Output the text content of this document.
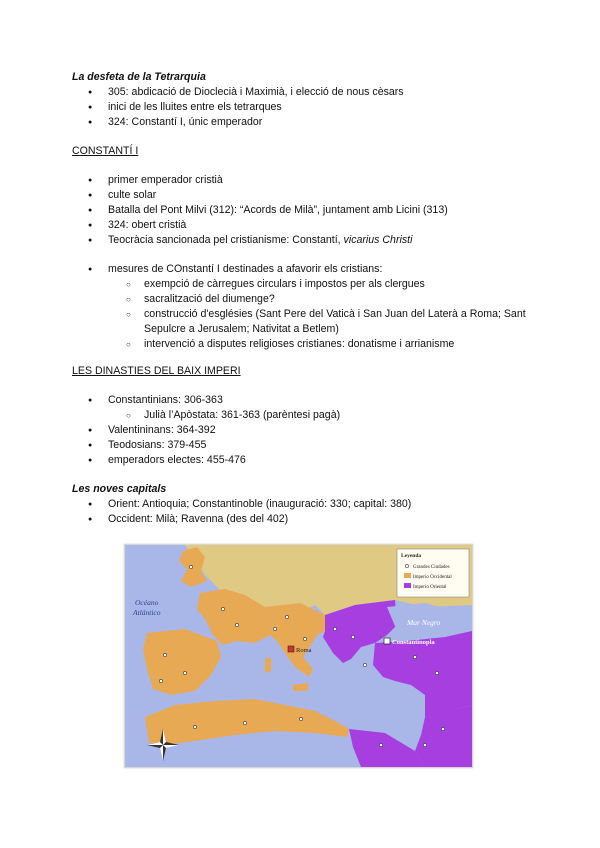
La desfeta de la Tetrarquia
● 305: abdicació de Dioclecià i Maximià, i elecció de nous cèsars
● inici de les lluites entre els tetrarques
● 324: Constantí I, únic emperador
CONSTANTÍ I
● primer emperador cristià
● culte solar
● Batalla del Pont Milvi (312): “Acords de Milà”, juntament amb Licini (313)
● 324: obert cristià
● Teocràcia sancionada pel cristianisme: Constantí, vicarius Christi
● mesures de COnstantí I destinades a afavorir els cristians:
○ exempció de càrregues circulars i impostos per als clergues
○ sacralització del diumenge?
○ construcció d'esglésies (Sant Pere del Vaticà i San Juan del Laterà a Roma; Sant Sepulcre a Jerusalem; Nativitat a Betlem)
○ intervenció a disputes religioses cristianes: donatisme i arrianisme
LES DINASTIES DEL BAIX IMPERI
● Constantinians: 306-363
○ Julià l’Apòstata: 361-363 (parèntesi pagà)
● Valentininans: 364-392
● Teodosians: 379-455
● emperadors electes: 455-476
Les noves capitals
● Orient: Antioquia; Constantinoble (inauguració: 330; capital: 380)
● Occident: Milà; Ravenna (des del 402)
Roma
Constantinopla
Océano
Atlántico
Mar Negro
Leyenda
Grandes Ciudades
Imperio Occidental
Imperio Oriental
